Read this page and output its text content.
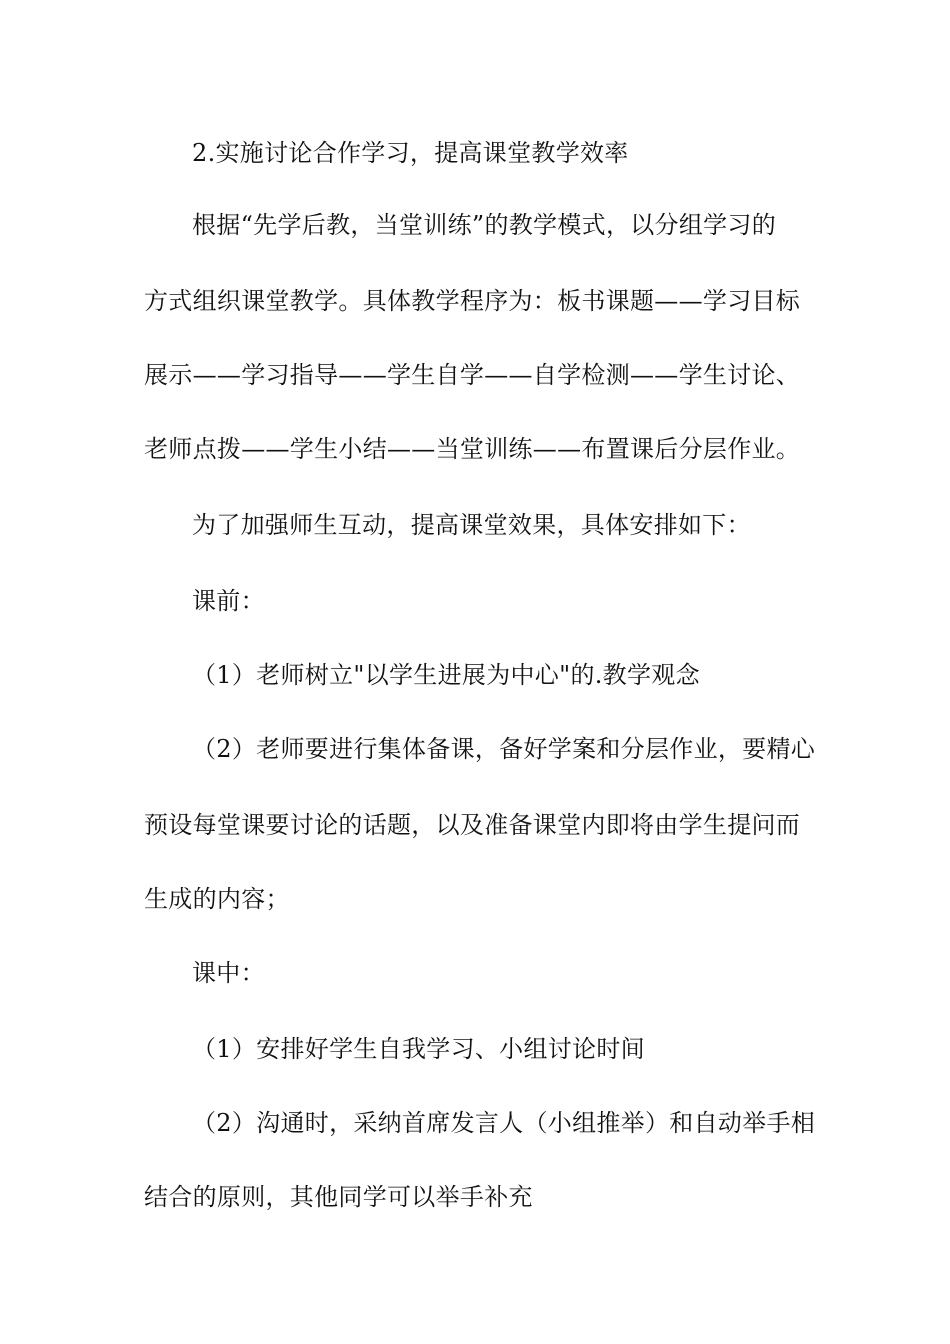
2.实施讨论合作学习，提高课堂教学效率
根据“先学后教，当堂训练”的教学模式，以分组学习的
方式组织课堂教学。具体教学程序为：板书课题——学习目标
展示——学习指导——学生自学——自学检测——学生讨论、
老师点拨——学生小结——当堂训练——布置课后分层作业。
为了加强师生互动，提高课堂效果，具体安排如下：
课前：
（1）老师树立"以学生进展为中心"的.教学观念
（2）老师要进行集体备课，备好学案和分层作业，要精心
预设每堂课要讨论的话题，以及准备课堂内即将由学生提问而
生成的内容；
课中：
（1）安排好学生自我学习、小组讨论时间
（2）沟通时，采纳首席发言人（小组推举）和自动举手相
结合的原则，其他同学可以举手补充
